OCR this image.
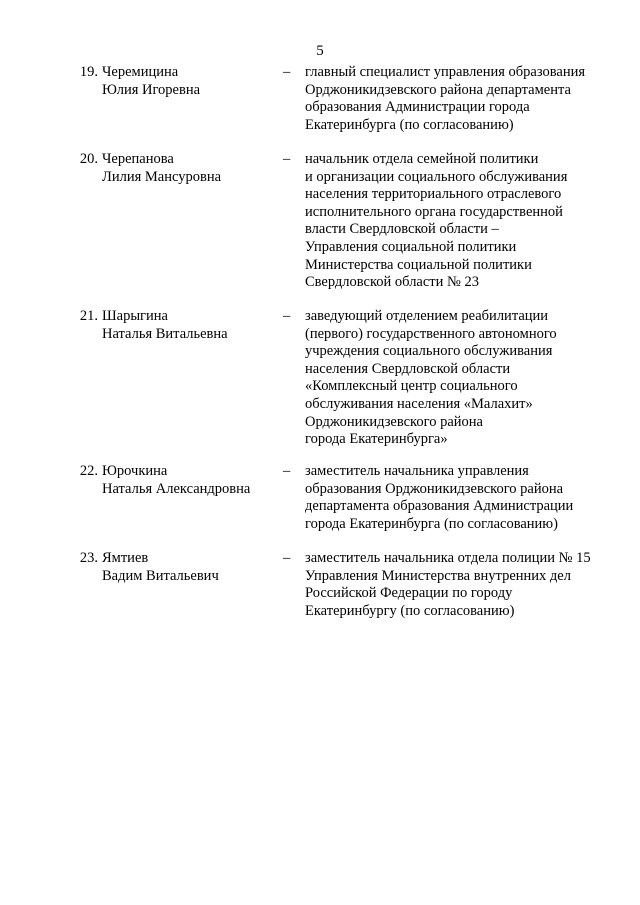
5
19. Черемицина
Юлия Игоревна
– главный специалист управления образования
Орджоникидзевского района департамента
образования Администрации города
Екатеринбурга (по согласованию)
20. Черепанова
Лилия Мансуровна
– начальник отдела семейной политики
и организации социального обслуживания
населения территориального отраслевого
исполнительного органа государственной
власти Свердловской области –
Управления социальной политики
Министерства социальной политики
Свердловской области № 23
21. Шарыгина
Наталья Витальевна
– заведующий отделением реабилитации
(первого) государственного автономного
учреждения социального обслуживания
населения Свердловской области
«Комплексный центр социального
обслуживания населения «Малахит»
Орджоникидзевского района
города Екатеринбурга»
22. Юрочкина
Наталья Александровна
– заместитель начальника управления
образования Орджоникидзевского района
департамента образования Администрации
города Екатеринбурга (по согласованию)
23. Ямтиев
Вадим Витальевич
– заместитель начальника отдела полиции № 15
Управления Министерства внутренних дел
Российской Федерации по городу
Екатеринбургу (по согласованию)
